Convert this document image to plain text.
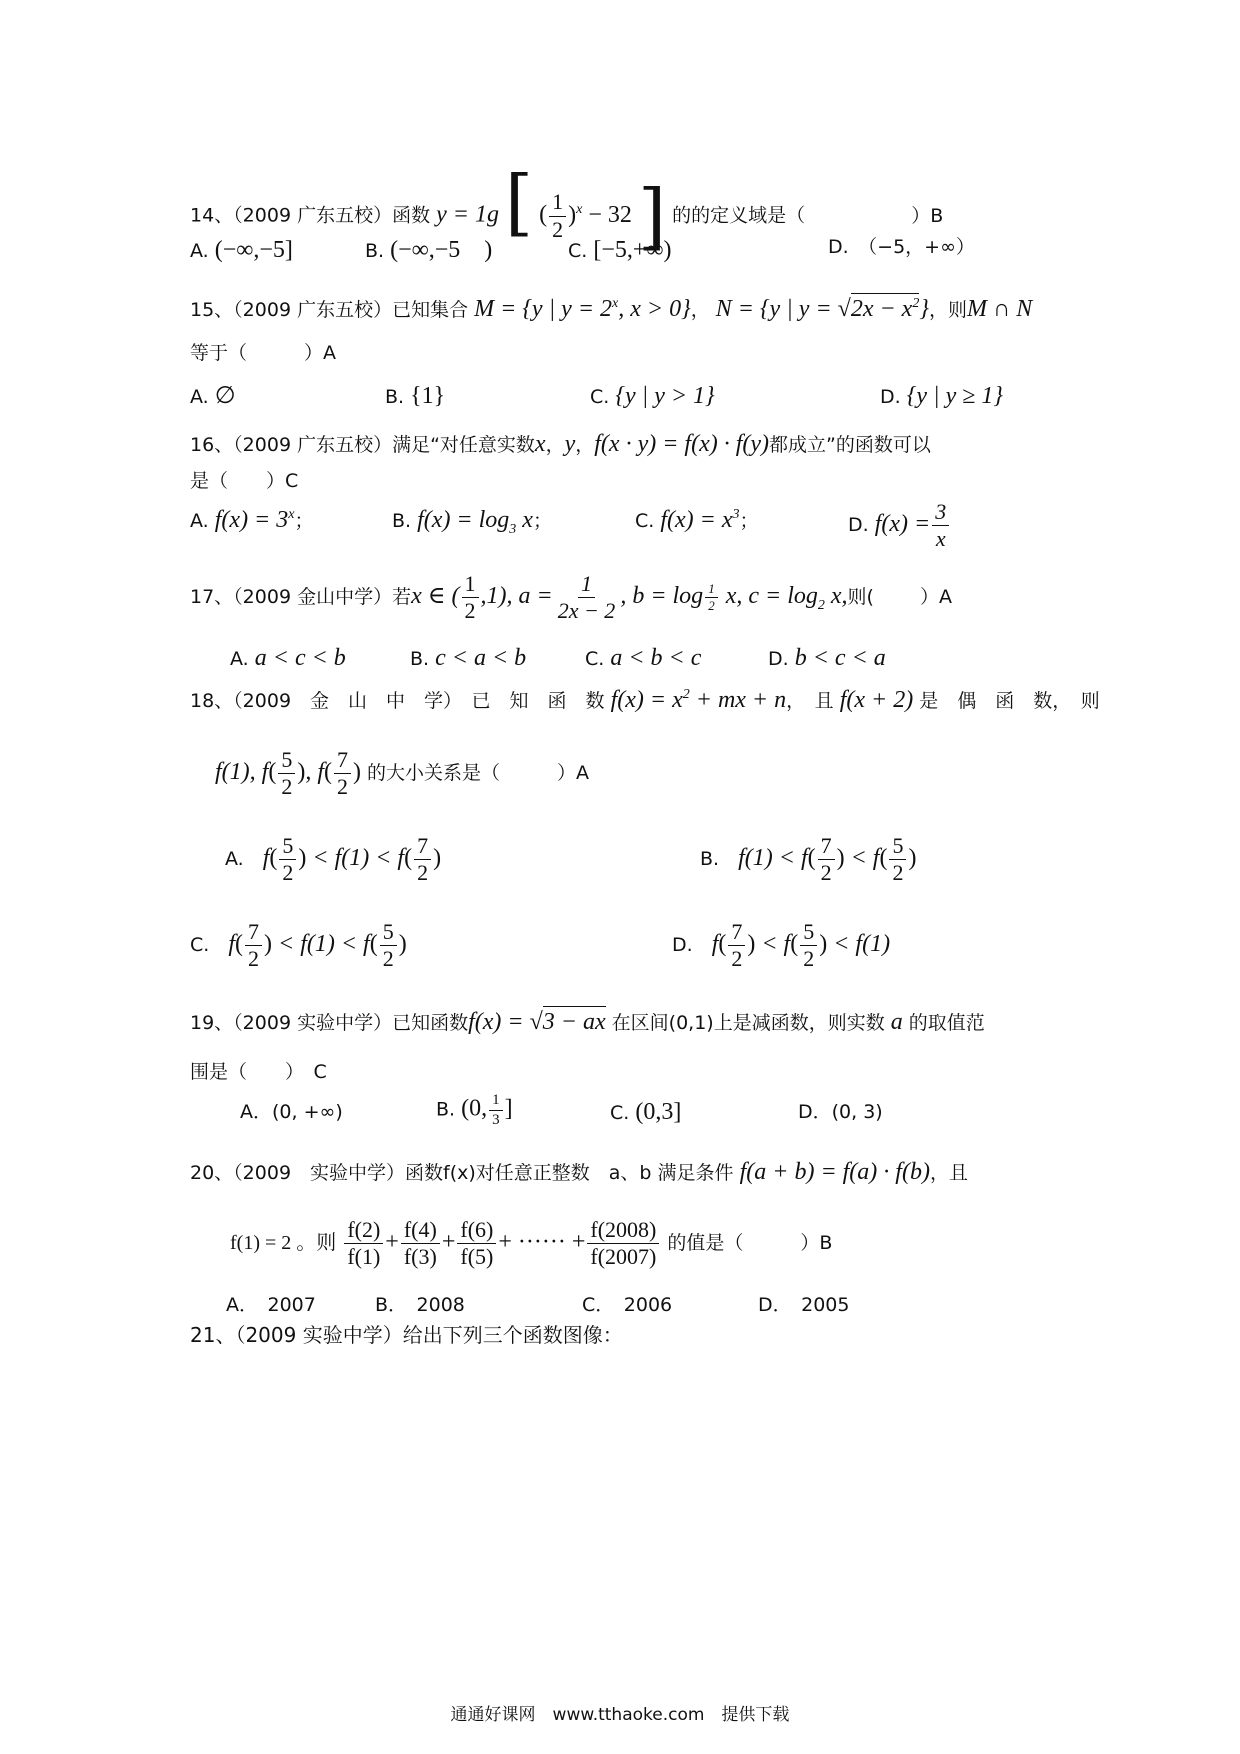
14、（2009 广东五校）函数 y = 1g [ ( $\frac{1}{2} )^x - 32$ ] 的的定义域是（	）B
A. (−∞,−5]	B. (−∞,−5　)	C. [−5,+∞)	D.　（−5，+∞）
15、（2009 广东五校）已知集合 M = {y | $y = 2^x$, x > 0}， N = {y | $y = √2x - x^2$}，则M ∩ N
等于（　　　）A
A. ∅	B. {1}	C. {y | y > 1}	D. {y | y ≥ 1}
16、（2009 广东五校）满足“对任意实数x，y，f(x · y) = f(x) · f(y)都成立”的函数可以
是（　　）C
A. $f(x) = 3^x$；	B. $f(x) = \log_3 x$；	C. $f(x) = x^3$；	D. $f(x) = \frac{3}{x}$
17、（2009 金山中学）若x ∈ ( $\frac{1}{2} ,1$), $a = \frac{1}{2x - 2}$ , $b = \log \frac{1}{2} x$, $c = \log_2 x$,则( ）A
A. a < c < b	B. c < a < b	C. a < b < c	D. b < c < a
18、（2009　金　山　中　学）　已　知　函　数 $f(x) = x^2$ + mx + n，　且 f(x + 2) 是　偶　函　数，　则
f(1), $f( \frac{5}{2}$ ), $f( \frac{7}{2}$ ) 的大小关系是（　　　）A
A.　 $f( \frac{5}{2}$ ) < $f(1) < f( \frac{7}{2}$ )	B.　 $f(1) < f( \frac{7}{2}$ ) < $f( \frac{5}{2}$ )
C.　 $f( \frac{7}{2}$ ) < $f(1) < f( \frac{5}{2}$ )	D.　 $f( \frac{7}{2}$ ) < $f( \frac{5}{2}$ ) < f(1)
19、（2009 实验中学）已知函数f(x) = √3 − ax 在区间(0,1)上是减函数，则实数 a 的取值范
围是（　　）　C
A．(0, +∞)	B. (0, $\frac{1}{3}$ ]	C. (0,3]	D．(0, 3)
20、（2009　实验中学）函数f(x)对任意正整数　a、b 满足条件 f(a + b) = f(a) · f(b)，且
f(1) = 2 。则 $\frac{f(2)}{f(1)} + \frac{f(4)}{f(3)} + \frac{f(6)}{f(5)}$ + ······ + $\frac{f(2008)}{f(2007)}$ 的值是（　　　）B
A．　2007	B．　2008	C．　2006	D．　2005
21、（2009 实验中学）给出下列三个函数图像：
通通好课网　www.tthaoke.com　提供下载
